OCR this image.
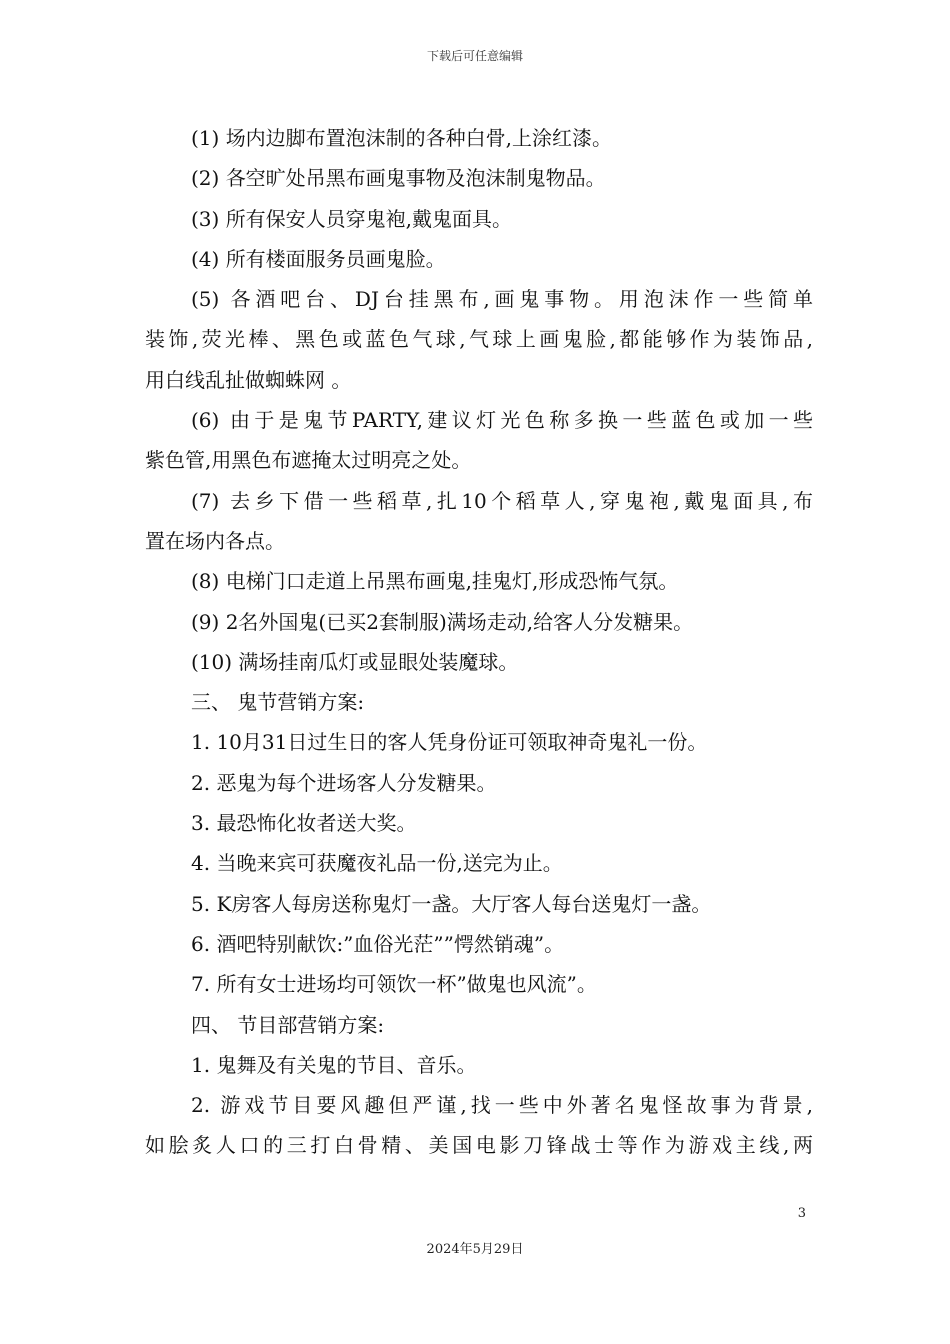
下载后可任意编辑
(1) 场内边脚布置泡沫制的各种白骨,上涂红漆。
(2) 各空旷处吊黑布画鬼事物及泡沫制鬼物品。
(3) 所有保安人员穿鬼袍,戴鬼面具。
(4) 所有楼面服务员画鬼脸。
(5) 各酒吧台、DJ台挂黑布,画鬼事物。用泡沫作一些简单
装饰,荧光棒、黑色或蓝色气球,气球上画鬼脸,都能够作为装饰品,
用白线乱扯做蜘蛛网 。
(6) 由于是鬼节PARTY,建议灯光色称多换一些蓝色或加一些
紫色管,用黑色布遮掩太过明亮之处。
(7) 去乡下借一些稻草,扎10个稻草人,穿鬼袍,戴鬼面具,布
置在场内各点。
(8) 电梯门口走道上吊黑布画鬼,挂鬼灯,形成恐怖气氛。
(9) 2名外国鬼(已买2套制服)满场走动,给客人分发糖果。
(10) 满场挂南瓜灯或显眼处装魔球。
三、 鬼节营销方案:
1. 10月31日过生日的客人凭身份证可领取神奇鬼礼一份。
2. 恶鬼为每个进场客人分发糖果。
3. 最恐怖化妆者送大奖。
4. 当晚来宾可获魔夜礼品一份,送完为止。
5. K房客人每房送称鬼灯一盏。大厅客人每台送鬼灯一盏。
6. 酒吧特别献饮:”血俗光茫””愕然销魂”。
7. 所有女士进场均可领饮一杯”做鬼也风流”。
四、 节目部营销方案:
1. 鬼舞及有关鬼的节目、音乐。
2. 游戏节目要风趣但严谨,找一些中外著名鬼怪故事为背景,
如脍炙人口的三打白骨精、美国电影刀锋战士等作为游戏主线,两
3
2024年5月29日
